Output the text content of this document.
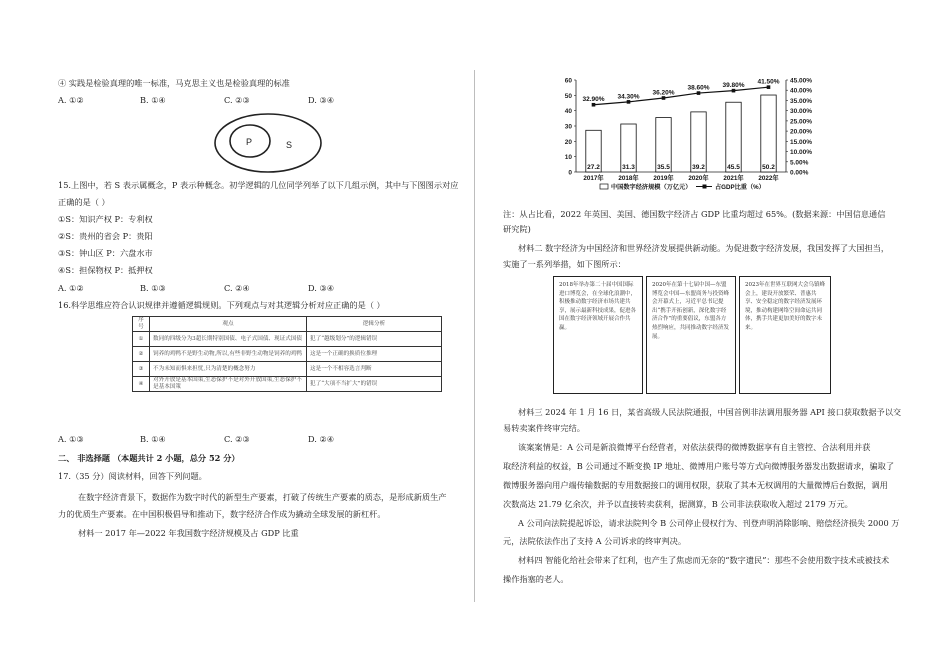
④ 实践是检验真理的唯一标准，马克思主义也是检验真理的标准
A. ①②	B. ①④	C. ②③	D. ③④
P	S
15.上图中，若 S 表示属概念，P 表示种概念。初学逻辑的几位同学列举了以下几组示例，其中与下图图示对应
正确的是（ ）
①S：知识产权 P：专利权
②S：贵州的省会 P：贵阳
③S：钟山区 P：六盘水市
④S：担保物权 P：抵押权
A. ①②	B. ①③	C. ②④	D. ③④
16.科学思维应符合认识规律并遵循逻辑规则。下列观点与对其逻辑分析对应正确的是（ ）
序号	观点	逻辑分析
①	数同的四级分为3超长期特别国债、电子式国债、现证式国债	犯了“越级划分”的逻辑错误
②	饲养的鸡鸭不是野生动物,所以,有些非野生动物是饲养的鸡鸭	这是一个正确的换质位推理
③	不为未知而惧来担忧,只为清楚的概念努力	这是一个不相容选言判断
④	对外开放是基本国策,生态保护不是对外开放国策,生态保护不是基本国策	犯了“大项不当扩大”的错误
A. ①③	B. ①④	C. ②③	D. ②④
二、 非选择题 （本题共计 2 小题，总分 52 分）
17.（35 分）阅读材料，回答下列问题。
在数字经济背景下，数据作为数字时代的新型生产要素，打破了传统生产要素的质态，是形成新质生产
力的优质生产要素。在中国积极倡导和推动下，数字经济合作成为撬动全球发展的新杠杆。
材料一 2017 年—2022 年我国数字经济规模及占 GDP 比重
0
10
20
30
40
50
60
0.00%
5.00%
10.00%
15.00%
20.00%
25.00%
30.00%
35.00%
40.00%
45.00%
27.2
2017年
31.3
2018年
35.5
2019年
39.2
2020年
45.5
2021年
50.2
2022年
32.90% 34.30%
36.20%
38.60% 39.80% 41.50%
中国数字经济规模（万亿元）	占GDP比重（%）
注：从占比看，2022 年英国、美国、德国数字经济占 GDP 比重均超过 65%。(数据来源：中国信息通信
研究院)
材料二 数字经济为中国经济和世界经济发展提供新动能。为促进数字经济发展，我国发挥了大国担当，
实施了一系列举措，如下图所示：
2018年举办第二十届中国国际进口博览会，在全球化浪潮中，积极推动数字经济市场共建共享，展示最新科技成果，促进各国在数字经济领域开展合作共赢。
2020年在第十七届中国—东盟博览会中国—东盟商务与投资峰会开幕式上，习近平总书记提出“携手开拓创新，深化数字经济合作”的重要倡议，东盟各方热烈响应，共同推动数字经济发展。
2023年在世界互联网大会乌镇峰会上，建设开放繁荣、普惠共享、安全稳定的数字经济发展环境，推动构建网络空间命运共同体，携手共建更加美好的数字未来。
材料三 2024 年 1 月 16 日，某省高级人民法院通报，中国首例非法调用服务器 API 接口获取数据予以交
易转卖案件终审完结。
该案案情是：A 公司是新浪微博平台经营者，对依法获得的微博数据享有自主管控、合法利用并获
取经济利益的权益，B 公司通过不断变换 IP 地址、微博用户账号等方式向微博服务器发出数据请求，骗取了
微博服务器向用户端传输数据的专用数据接口的调用权限，获取了其本无权调用的大量微博后台数据，调用
次数高达 21.79 亿余次，并予以直接转卖获利，据测算，B 公司非法获取收入超过 2179 万元。
A 公司向法院提起诉讼，请求法院判令 B 公司停止侵权行为、刊登声明消除影响、赔偿经济损失 2000 万
元，法院依法作出了支持 A 公司诉求的终审判决。
材料四 智能化给社会带来了红利，也产生了焦虑而无奈的“数字遗民”：那些不会使用数字技术或被技术
操作指塞的老人。
